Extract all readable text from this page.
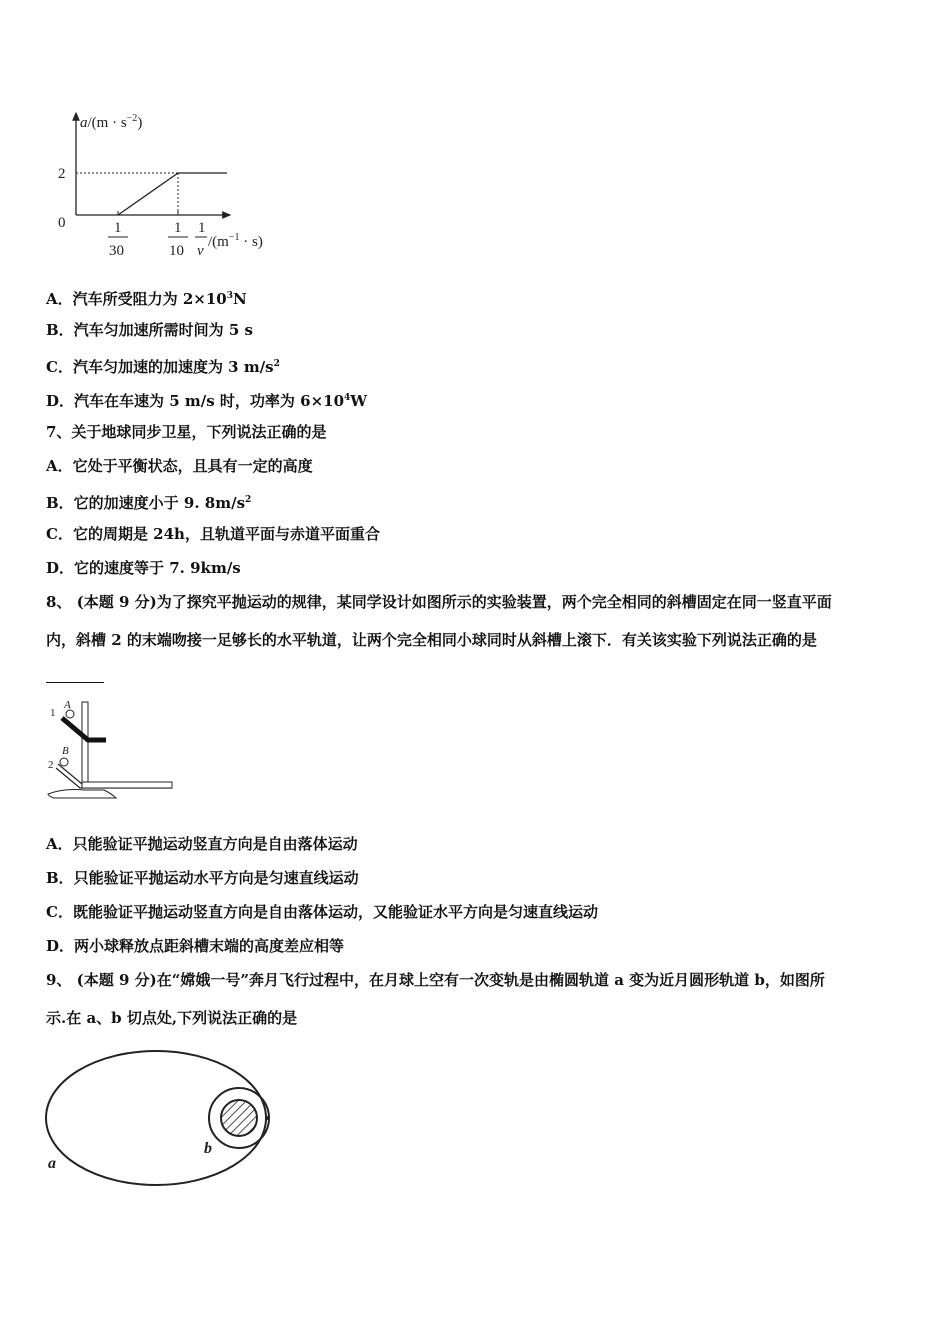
$a/(m \cdot s^{-2})$
2
0	1
30
1
10
1
v
$/(m^{-1} \cdot s)$
A．汽车所受阻力为 $2\times 10^3N$
B．汽车匀加速所需时间为 5 s
C．汽车匀加速的加速度为 3 $m/s^2$
D．汽车在车速为 5 m/s 时，功率为 $6\times 10^4W$
7、关于地球同步卫星，下列说法正确的是
A．它处于平衡状态，且具有一定的高度
B．它的加速度小于 9. $8m/s^2$
C．它的周期是 24h，且轨道平面与赤道平面重合
D．它的速度等于 7. 9km/s
8、 (本题 9 分)为了探究平抛运动的规律，某同学设计如图所示的实验装置，两个完全相同的斜槽固定在同一竖直平面
内，斜槽 2 的末端吻接一足够长的水平轨道，让两个完全相同小球同时从斜槽上滚下．有关该实验下列说法正确的是
1
A
2
B
A．只能验证平抛运动竖直方向是自由落体运动
B．只能验证平抛运动水平方向是匀速直线运动
C．既能验证平抛运动竖直方向是自由落体运动，又能验证水平方向是匀速直线运动
D．两小球释放点距斜槽末端的高度差应相等
9、 (本题 9 分)在“嫦娥一号”奔月飞行过程中，在月球上空有一次变轨是由椭圆轨道 a 变为近月圆形轨道 b，如图所
示.在 a、b 切点处,下列说法正确的是
a
b
